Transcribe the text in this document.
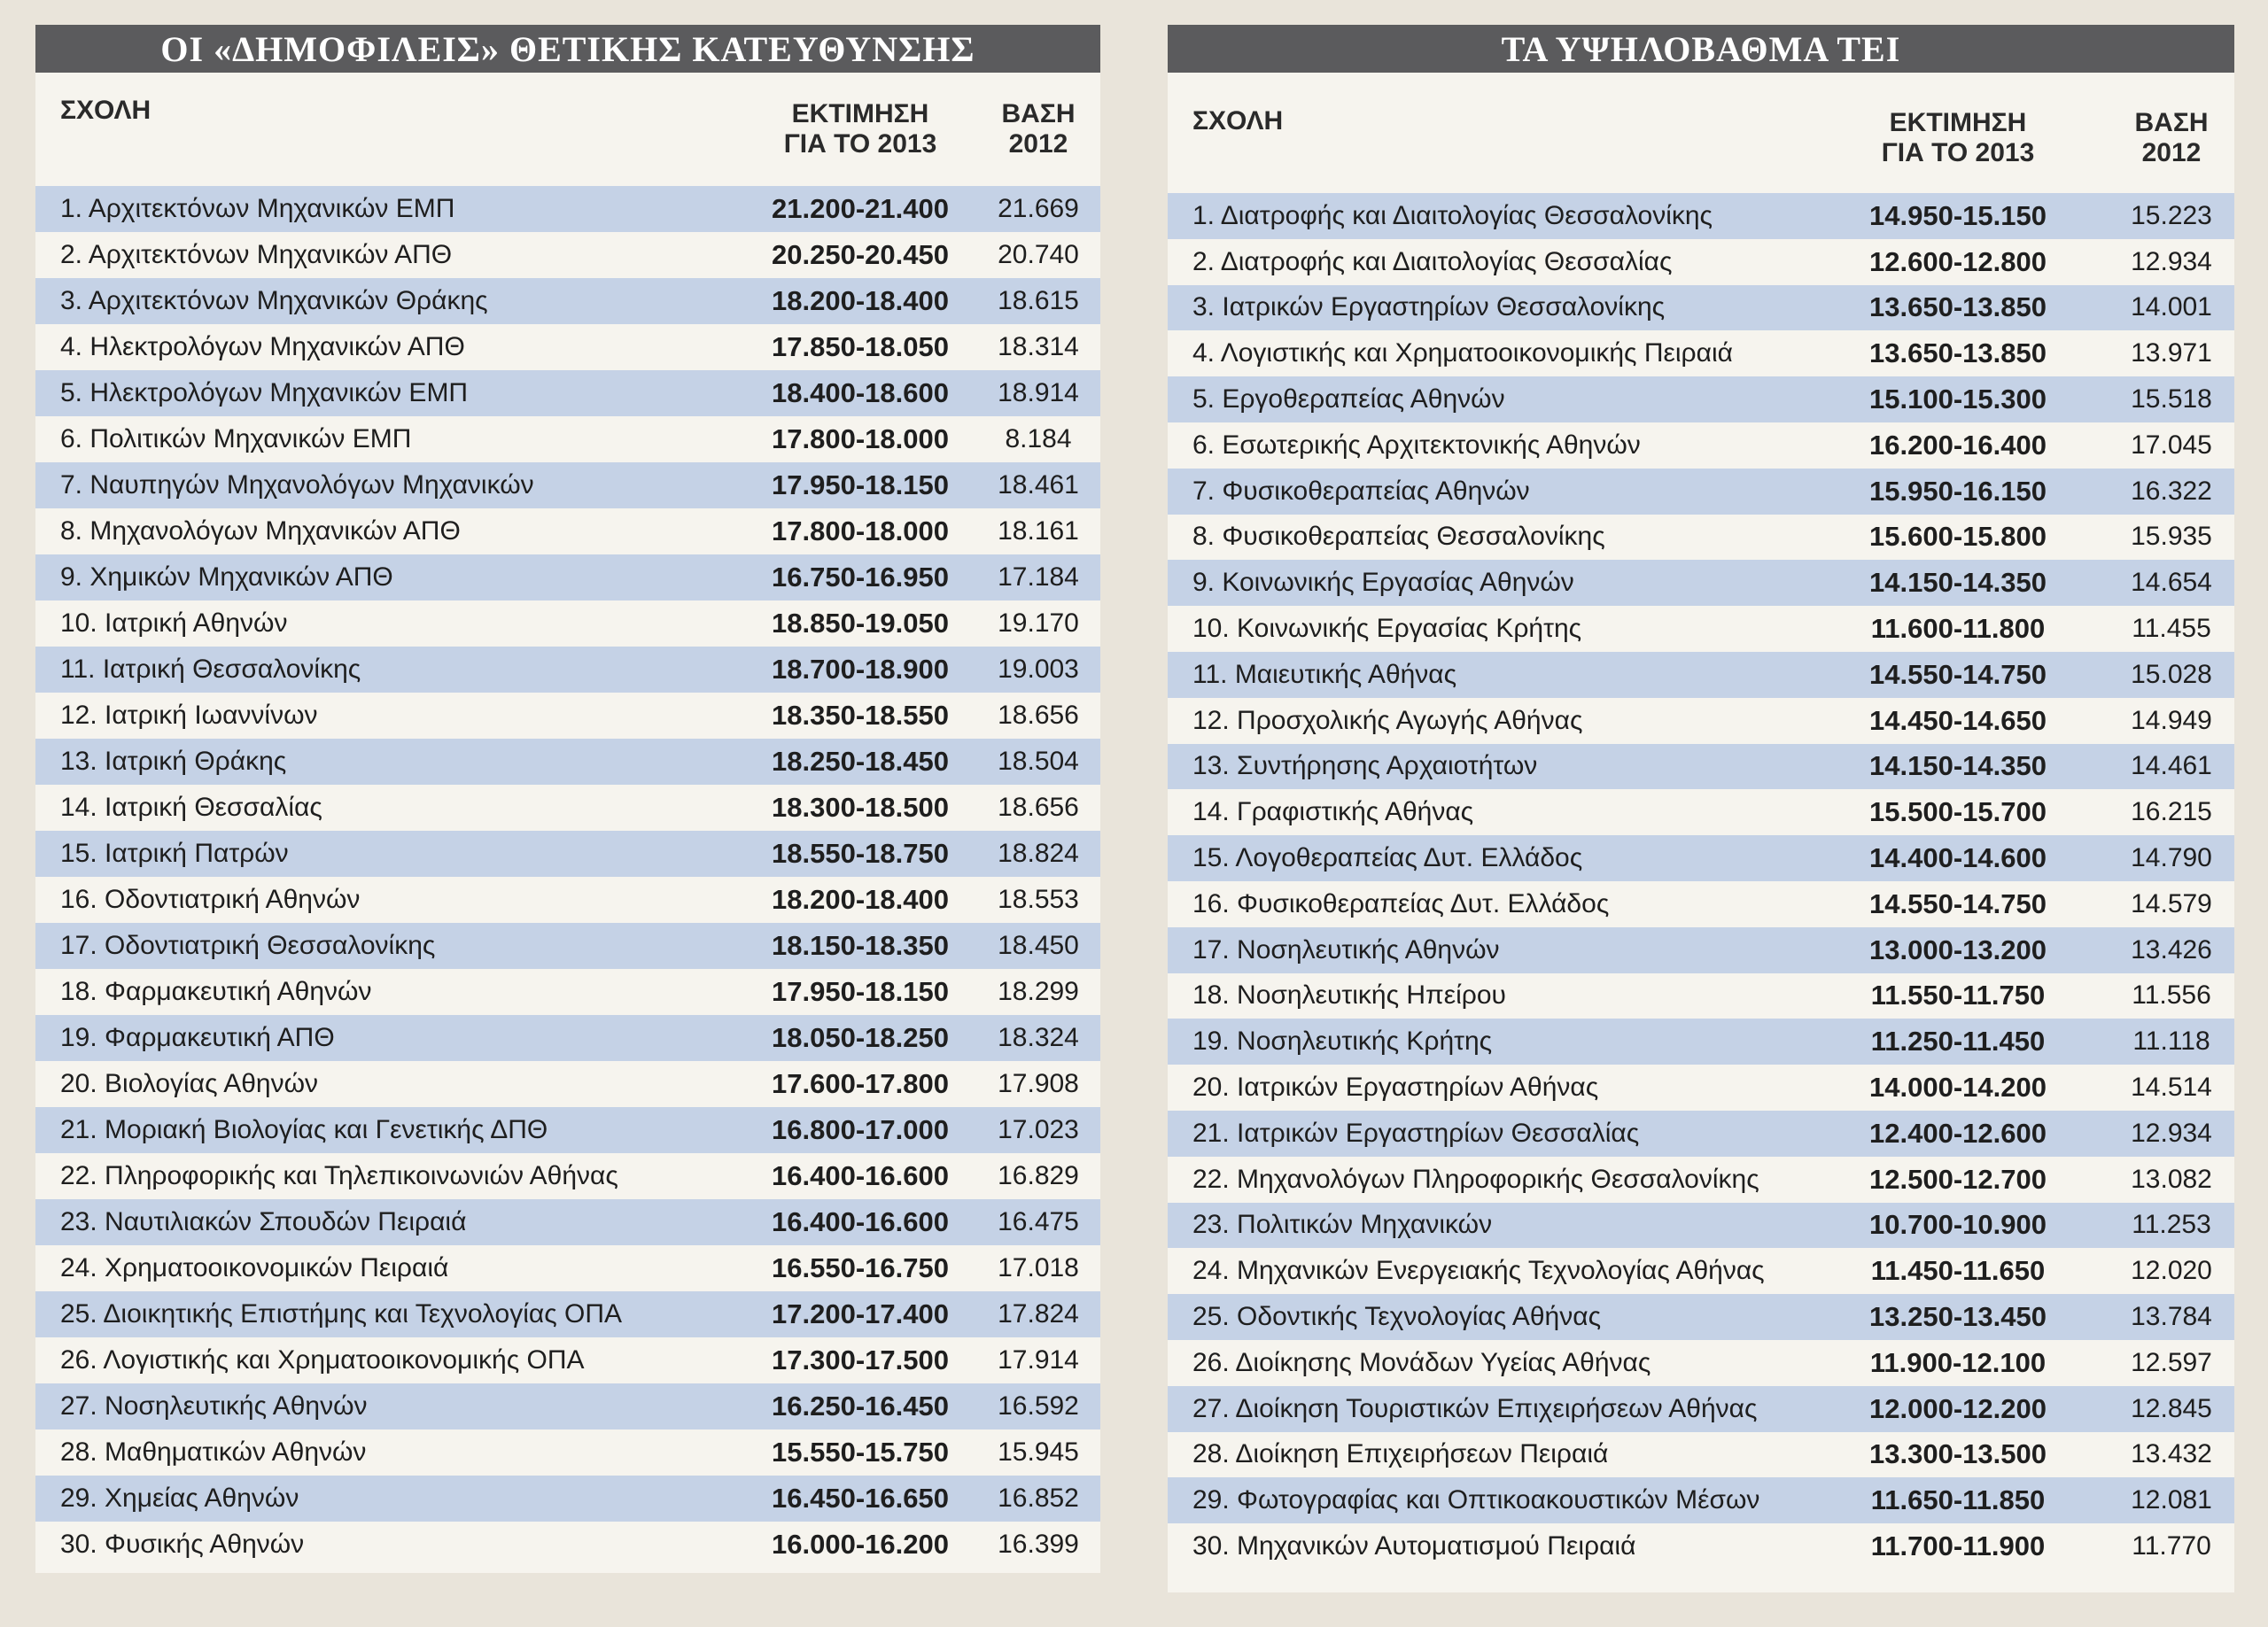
ΟΙ «ΔΗΜΟΦΙΛΕΙΣ» ΘΕΤΙΚΗΣ ΚΑΤΕΥΘΥΝΣΗΣ
ΣΧΟΛΗ	ΕΚΤΙΜΗΣΗ
ΓΙΑ ΤΟ 2013
ΒΑΣΗ
2012
1. Αρχιτεκτόνων Μηχανικών ΕΜΠ	21.200-21.400	21.669
2. Αρχιτεκτόνων Μηχανικών ΑΠΘ	20.250-20.450	20.740
3. Αρχιτεκτόνων Μηχανικών Θράκης	18.200-18.400	18.615
4. Ηλεκτρολόγων Μηχανικών ΑΠΘ	17.850-18.050	18.314
5. Ηλεκτρολόγων Μηχανικών ΕΜΠ	18.400-18.600	18.914
6. Πολιτικών Μηχανικών ΕΜΠ	17.800-18.000	8.184
7. Ναυπηγών Μηχανολόγων Μηχανικών	17.950-18.150	18.461
8. Μηχανολόγων Μηχανικών ΑΠΘ	17.800-18.000	18.161
9. Χημικών Μηχανικών ΑΠΘ	16.750-16.950	17.184
10. Ιατρική Αθηνών	18.850-19.050	19.170
11. Ιατρική Θεσσαλονίκης	18.700-18.900	19.003
12. Ιατρική Ιωαννίνων	18.350-18.550	18.656
13. Ιατρική Θράκης	18.250-18.450	18.504
14. Ιατρική Θεσσαλίας	18.300-18.500	18.656
15. Ιατρική Πατρών	18.550-18.750	18.824
16. Οδοντιατρική Αθηνών	18.200-18.400	18.553
17. Οδοντιατρική Θεσσαλονίκης	18.150-18.350	18.450
18. Φαρμακευτική Αθηνών	17.950-18.150	18.299
19. Φαρμακευτική ΑΠΘ	18.050-18.250	18.324
20. Βιολογίας Αθηνών	17.600-17.800	17.908
21. Μοριακή Βιολογίας και Γενετικής ΔΠΘ	16.800-17.000	17.023
22. Πληροφορικής και Τηλεπικοινωνιών Αθήνας	16.400-16.600	16.829
23. Ναυτιλιακών Σπουδών Πειραιά	16.400-16.600	16.475
24. Χρηματοοικονομικών Πειραιά	16.550-16.750	17.018
25. Διοικητικής Επιστήμης και Τεχνολογίας ΟΠΑ	17.200-17.400	17.824
26. Λογιστικής και Χρηματοοικονομικής ΟΠΑ	17.300-17.500	17.914
27. Νοσηλευτικής Αθηνών	16.250-16.450	16.592
28. Μαθηματικών Αθηνών	15.550-15.750	15.945
29. Χημείας Αθηνών	16.450-16.650	16.852
30. Φυσικής Αθηνών	16.000-16.200	16.399
ΤΑ ΥΨΗΛΟΒΑΘΜΑ ΤΕΙ
ΣΧΟΛΗ	ΕΚΤΙΜΗΣΗ
ΓΙΑ ΤΟ 2013
ΒΑΣΗ
2012
1. Διατροφής και Διαιτολογίας Θεσσαλονίκης	14.950-15.150	15.223
2. Διατροφής και Διαιτολογίας Θεσσαλίας	12.600-12.800	12.934
3. Ιατρικών Εργαστηρίων Θεσσαλονίκης	13.650-13.850	14.001
4. Λογιστικής και Χρηματοοικονομικής Πειραιά	13.650-13.850	13.971
5. Εργοθεραπείας Αθηνών	15.100-15.300	15.518
6. Εσωτερικής Αρχιτεκτονικής Αθηνών	16.200-16.400	17.045
7. Φυσικοθεραπείας Αθηνών	15.950-16.150	16.322
8. Φυσικοθεραπείας Θεσσαλονίκης	15.600-15.800	15.935
9. Κοινωνικής Εργασίας Αθηνών	14.150-14.350	14.654
10. Κοινωνικής Εργασίας Κρήτης	11.600-11.800	11.455
11. Μαιευτικής Αθήνας	14.550-14.750	15.028
12. Προσχολικής Αγωγής Αθήνας	14.450-14.650	14.949
13. Συντήρησης Αρχαιοτήτων	14.150-14.350	14.461
14. Γραφιστικής Αθήνας	15.500-15.700	16.215
15. Λογοθεραπείας Δυτ. Ελλάδος	14.400-14.600	14.790
16. Φυσικοθεραπείας Δυτ. Ελλάδος	14.550-14.750	14.579
17. Νοσηλευτικής Αθηνών	13.000-13.200	13.426
18. Νοσηλευτικής Ηπείρου	11.550-11.750	11.556
19. Νοσηλευτικής Κρήτης	11.250-11.450	11.118
20. Ιατρικών Εργαστηρίων Αθήνας	14.000-14.200	14.514
21. Ιατρικών Εργαστηρίων Θεσσαλίας	12.400-12.600	12.934
22. Μηχανολόγων Πληροφορικής Θεσσαλονίκης	12.500-12.700	13.082
23. Πολιτικών Μηχανικών	10.700-10.900	11.253
24. Μηχανικών Ενεργειακής Τεχνολογίας Αθήνας	11.450-11.650	12.020
25. Οδοντικής Τεχνολογίας Αθήνας	13.250-13.450	13.784
26. Διοίκησης Μονάδων Υγείας Αθήνας	11.900-12.100	12.597
27. Διοίκηση Τουριστικών Επιχειρήσεων Αθήνας	12.000-12.200	12.845
28. Διοίκηση Επιχειρήσεων Πειραιά	13.300-13.500	13.432
29. Φωτογραφίας και Οπτικοακουστικών Μέσων	11.650-11.850	12.081
30. Μηχανικών Αυτοματισμού Πειραιά	11.700-11.900	11.770
